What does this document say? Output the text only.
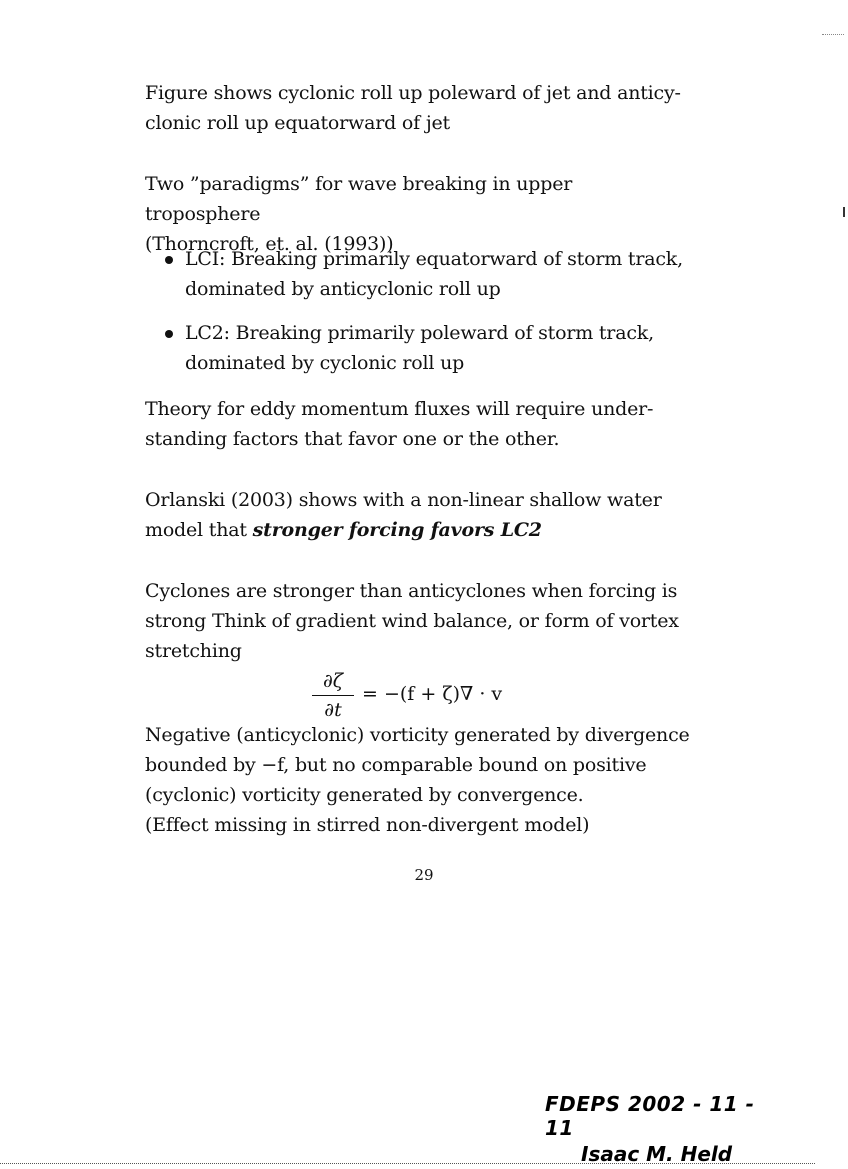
Figure shows cyclonic roll up poleward of jet and anticy-
clonic roll up equatorward of jet
Two ”paradigms” for wave breaking in upper troposphere
(Thorncroft, et. al. (1993))
LCI: Breaking primarily equatorward of storm track,
dominated by anticyclonic roll up
LC2: Breaking primarily poleward of storm track,
dominated by cyclonic roll up
Theory for eddy momentum fluxes will require under-
standing factors that favor one or the other.
Orlanski (2003) shows with a non-linear shallow water
model that stronger forcing favors LC2
Cyclones are stronger than anticyclones when forcing is
strong Think of gradient wind balance, or form of vortex
stretching
∂ζ
∂t
= −(f + ζ)∇ · v
Negative (anticyclonic) vorticity generated by divergence
bounded by −f, but no comparable bound on positive
(cyclonic) vorticity generated by convergence.
(Effect missing in stirred non-divergent model)
29
FDEPS 2002 - 11 - 11
Isaac M. Held
